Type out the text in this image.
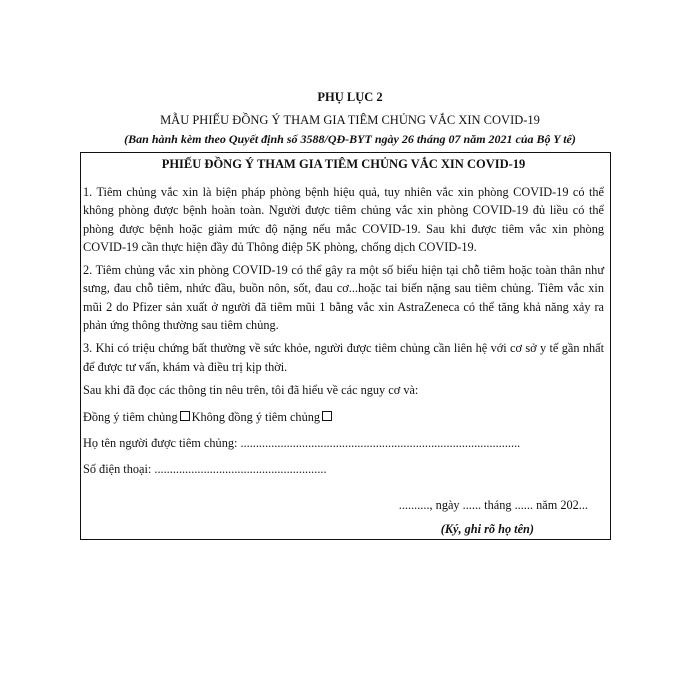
PHỤ LỤC 2
MẪU PHIẾU ĐỒNG Ý THAM GIA TIÊM CHỦNG VẮC XIN COVID-19
(Ban hành kèm theo Quyết định số 3588/QĐ-BYT ngày 26 tháng 07 năm 2021 của Bộ Y tế)
PHIẾU ĐỒNG Ý THAM GIA TIÊM CHỦNG VẮC XIN COVID-19

1. Tiêm chủng vắc xin là biện pháp phòng bệnh hiệu quả, tuy nhiên vắc xin phòng COVID-19 có thể không phòng được bệnh hoàn toàn. Người được tiêm chủng vắc xin phòng COVID-19 đủ liều có thể phòng được bệnh hoặc giảm mức độ nặng nếu mắc COVID-19. Sau khi được tiêm vắc xin phòng COVID-19 cần thực hiện đầy đủ Thông điệp 5K phòng, chống dịch COVID-19.

2. Tiêm chủng vắc xin phòng COVID-19 có thể gây ra một số biểu hiện tại chỗ tiêm hoặc toàn thân như sưng, đau chỗ tiêm, nhức đầu, buồn nôn, sốt, đau cơ...hoặc tai biến nặng sau tiêm chủng. Tiêm vắc xin mũi 2 do Pfizer sản xuất ở người đã tiêm mũi 1 bằng vắc xin AstraZeneca có thể tăng khả năng xảy ra phản ứng thông thường sau tiêm chủng.

3. Khi có triệu chứng bất thường về sức khỏe, người được tiêm chủng cần liên hệ với cơ sở y tế gần nhất để được tư vấn, khám và điều trị kịp thời.

Sau khi đã đọc các thông tin nêu trên, tôi đã hiểu về các nguy cơ và:

Đồng ý tiêm chủng Không đồng ý tiêm chủng

Họ tên người được tiêm chủng: ...........................................................................................

Số điện thoại: ........................................................

.........., ngày ...... tháng ...... năm 202...

(Ký, ghi rõ họ tên)
